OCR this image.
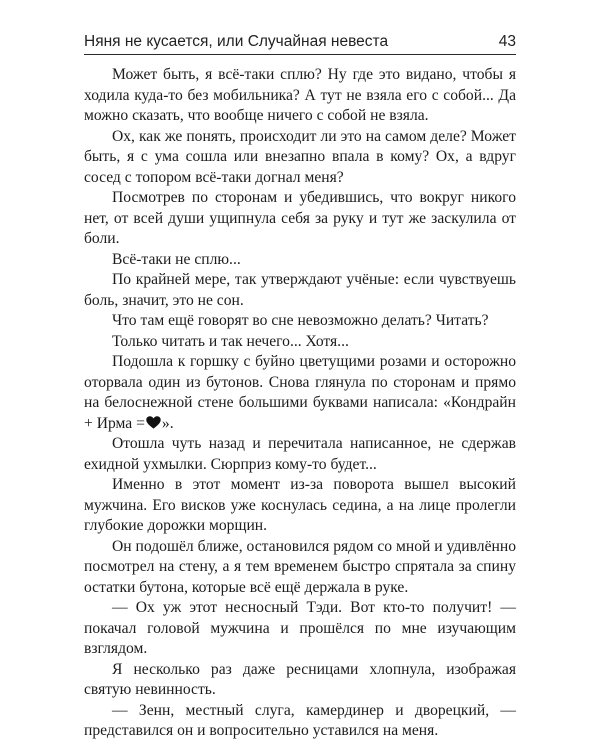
Няня не кусается, или Случайная невеста	43

Может быть, я всё-таки сплю? Ну где это видано, чтобы я ходила куда-то без мобильника? А тут не взяла его с собой... Да можно сказать, что вообще ничего с собой не взяла.

Ох, как же понять, происходит ли это на самом деле? Может быть, я с ума сошла или внезапно впала в кому? Ох, а вдруг сосед с топором всё-таки догнал меня?

Посмотрев по сторонам и убедившись, что вокруг никого нет, от всей души ущипнула себя за руку и тут же заскулила от боли.

Всё-таки не сплю...

По крайней мере, так утверждают учёные: если чувствуешь боль, значит, это не сон.

Что там ещё говорят во сне невозможно делать? Читать?

Только читать и так нечего... Хотя...

Подошла к горшку с буйно цветущими розами и осторожно оторвала один из бутонов. Снова глянула по сторонам и прямо на белоснежной стене большими буквами написала: «Кондрайн + Ирма = ».

Отошла чуть назад и перечитала написанное, не сдержав ехидной ухмылки. Сюрприз кому-то будет...

Именно в этот момент из-за поворота вышел высокий мужчина. Его висков уже коснулась седина, а на лице пролегли глубокие дорожки морщин.

Он подошёл ближе, остановился рядом со мной и удивлённо посмотрел на стену, а я тем временем быстро спрятала за спину остатки бутона, которые всё ещё держала в руке.

— Ох уж этот несносный Тэди. Вот кто-то получит! — покачал головой мужчина и прошёлся по мне изучающим взглядом.

Я несколько раз даже ресницами хлопнула, изображая святую невинность.

— Зенн, местный слуга, камердинер и дворецкий, — представился он и вопросительно уставился на меня.
